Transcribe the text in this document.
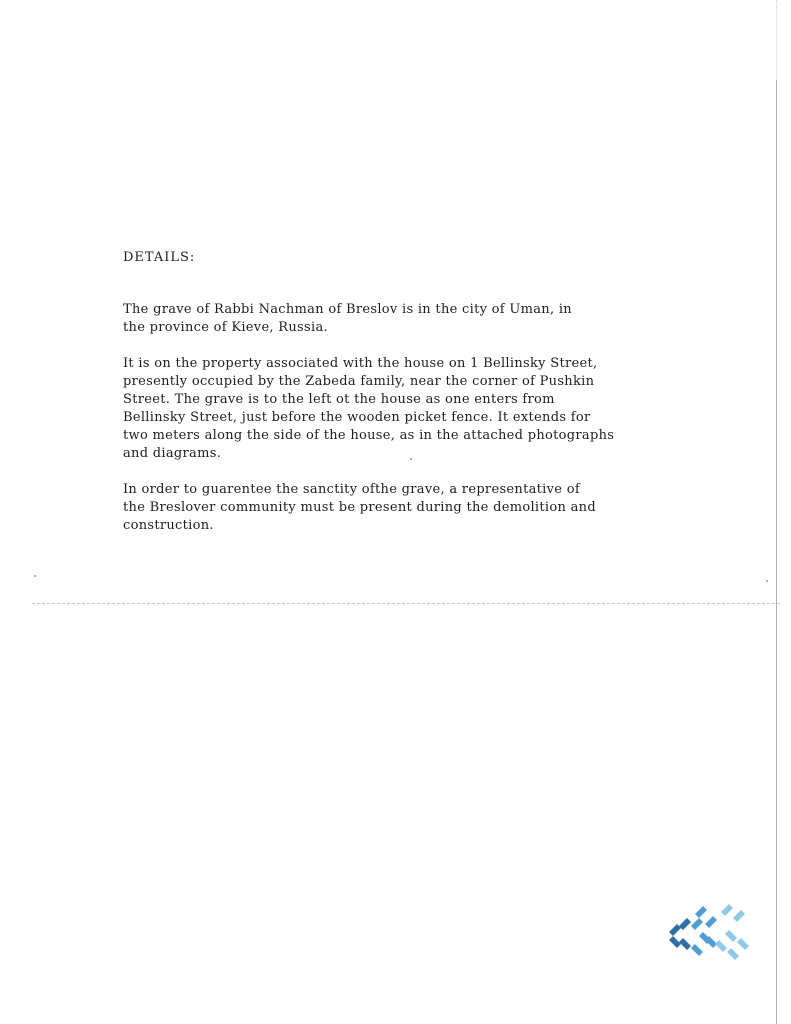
DETAILS:
The grave of Rabbi Nachman of Breslov is in the city of Uman, in
the province of Kieve, Russia.
It is on the property associated with the house on 1 Bellinsky Street,
presently occupied by the Zabeda family, near the corner of Pushkin
Street. The grave is to the left ot the house as one enters from
Bellinsky Street, just before the wooden picket fence. It extends for
two meters along the side of the house, as in the attached photographs
and diagrams.
In order to guarentee the sanctity ofthe grave, a representative of
the Breslover community must be present during the demolition and
construction.
